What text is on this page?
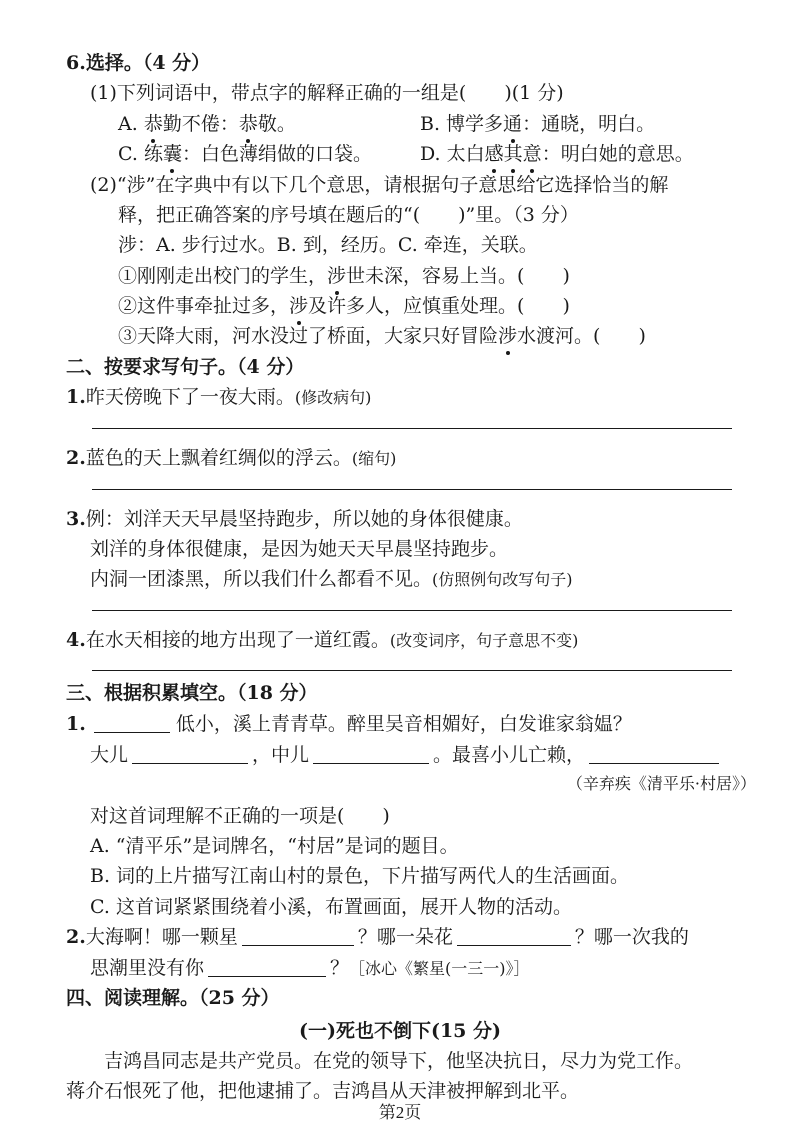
6.选择。（4 分）
(1)下列词语中，带点字的解释正确的一组是(　　)(1 分)
A. 恭勤不倦：恭敬。	B. 博学多通：通晓，明白。
C. 练囊：白色薄绢做的口袋。	D. 太白感其意：明白她的意思。
(2)“涉”在字典中有以下几个意思，请根据句子意思给它选择恰当的解
释，把正确答案的序号填在题后的“(　　)”里。（3 分）
涉：A. 步行过水。B. 到，经历。C. 牵连，关联。
①刚刚走出校门的学生，涉世未深，容易上当。(　　)
②这件事牵扯过多，涉及许多人，应慎重处理。(　　)
③天降大雨，河水没过了桥面，大家只好冒险涉水渡河。(　　)
二、按要求写句子。（4 分）
1.昨天傍晚下了一夜大雨。(修改病句)
2.蓝色的天上飘着红绸似的浮云。(缩句)
3.例：刘洋天天早晨坚持跑步，所以她的身体很健康。
刘洋的身体很健康，是因为她天天早晨坚持跑步。
内洞一团漆黑，所以我们什么都看不见。(仿照例句改写句子)
4.在水天相接的地方出现了一道红霞。(改变词序，句子意思不变)
三、根据积累填空。（18 分）
1.	低小，溪上青青草。醉里吴音相媚好，白发谁家翁媪？
大儿	，中儿	。最喜小儿亡赖，
（辛弃疾《清平乐·村居》）
对这首词理解不正确的一项是(　　)
A. “清平乐”是词牌名，“村居”是词的题目。
B. 词的上片描写江南山村的景色，下片描写两代人的生活画面。
C. 这首词紧紧围绕着小溪，布置画面，展开人物的活动。
2.大海啊！哪一颗星	？哪一朵花	？哪一次我的
思潮里没有你	？［冰心《繁星(一三一)》］
四、阅读理解。（25 分）
(一)死也不倒下(15 分)
吉鸿昌同志是共产党员。在党的领导下，他坚决抗日，尽力为党工作。
蒋介石恨死了他，把他逮捕了。吉鸿昌从天津被押解到北平。
第2页
